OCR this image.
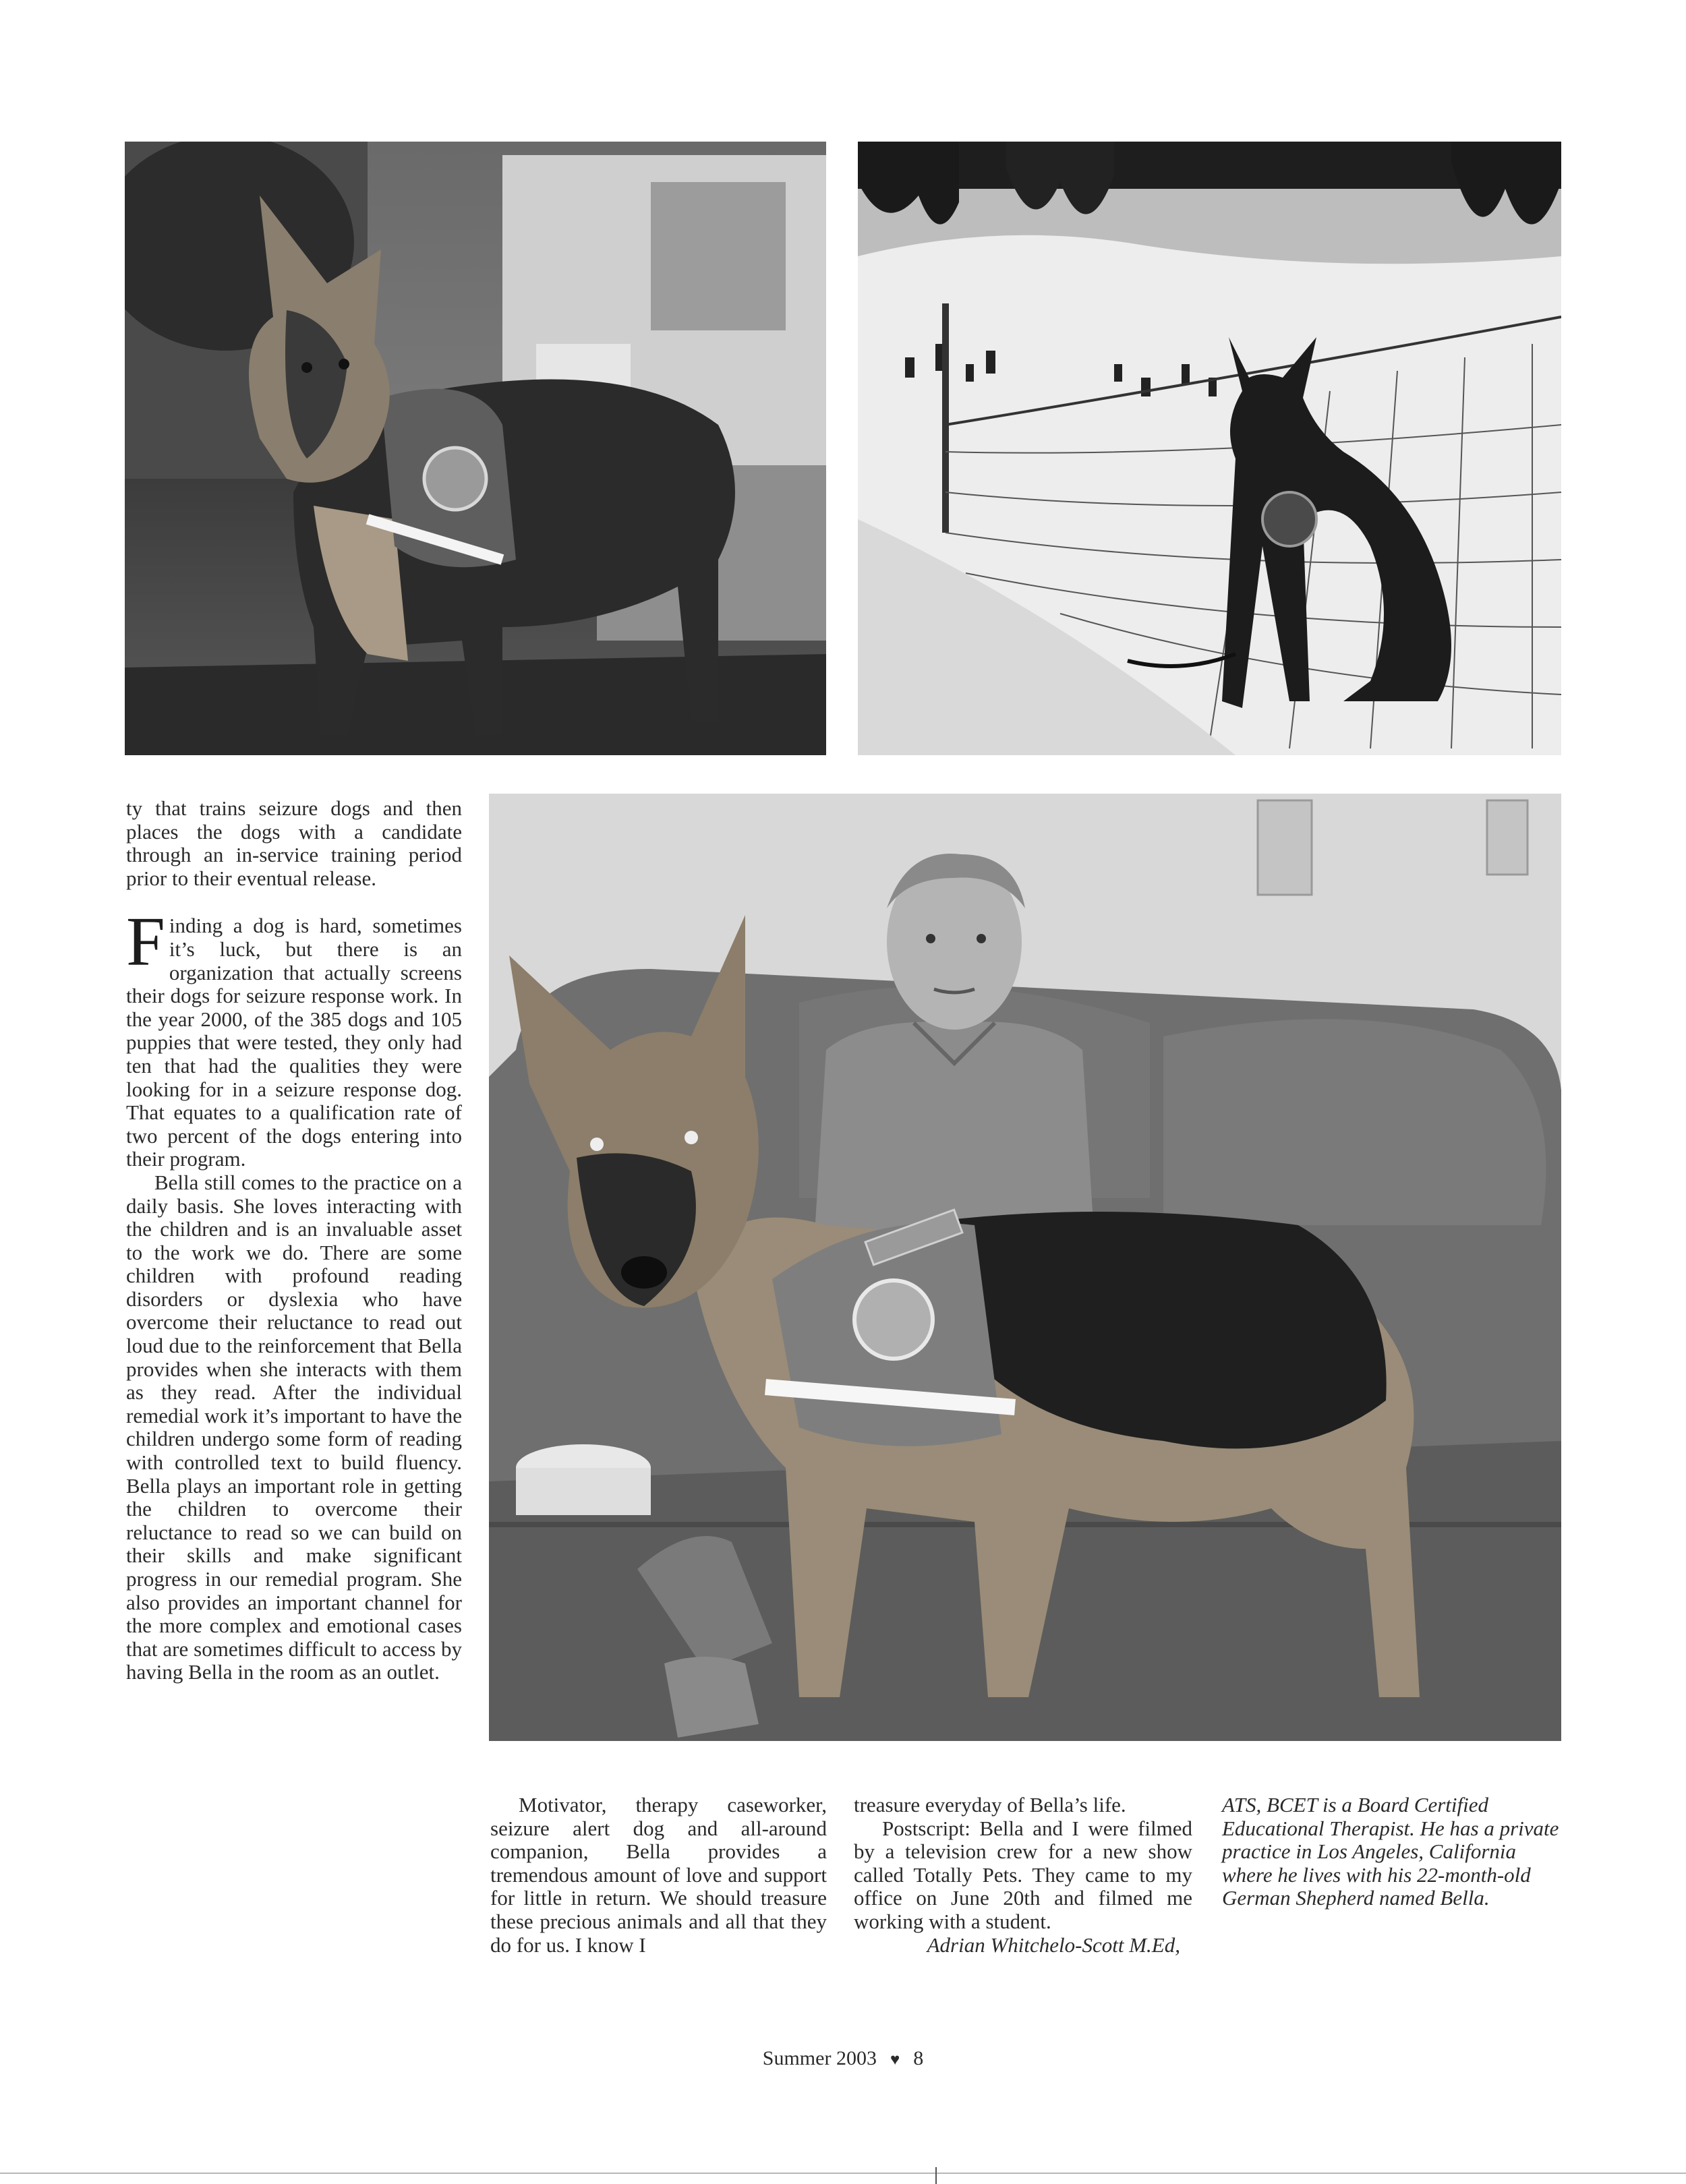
ty that trains seizure dogs and then places the dogs with a candidate through an in-service training period prior to their eventual release.

Finding a dog is hard, sometimes it’s luck, but there is an organization that actually screens their dogs for seizure response work. In the year 2000, of the 385 dogs and 105 puppies that were tested, they only had ten that had the qualities they were looking for in a seizure response dog. That equates to a qualification rate of two percent of the dogs entering into their program.

Bella still comes to the practice on a daily basis. She loves interacting with the children and is an invaluable asset to the work we do. There are some children with profound reading disorders or dyslexia who have overcome their reluctance to read out loud due to the reinforcement that Bella provides when she interacts with them as they read. After the individual remedial work it’s important to have the children undergo some form of reading with controlled text to build fluency. Bella plays an important role in getting the children to overcome their reluctance to read so we can build on their skills and make significant progress in our remedial program. She also provides an important channel for the more complex and emotional cases that are sometimes difficult to access by having Bella in the room as an outlet.

Motivator, therapy caseworker, seizure alert dog and all-around companion, Bella provides a tremendous amount of love and support for little in return. We should treasure these precious animals and all that they do for us. I know I

treasure everyday of Bella’s life.

Postscript: Bella and I were filmed by a television crew for a new show called Totally Pets. They came to my office on June 20th and filmed me working with a student.

Adrian Whitchelo-Scott M.Ed,

ATS, BCET is a Board Certified Educational Therapist. He has a private practice in Los Angeles, California where he lives with his 22-month-old German Shepherd named Bella.

Summer 2003 ♥ 8
